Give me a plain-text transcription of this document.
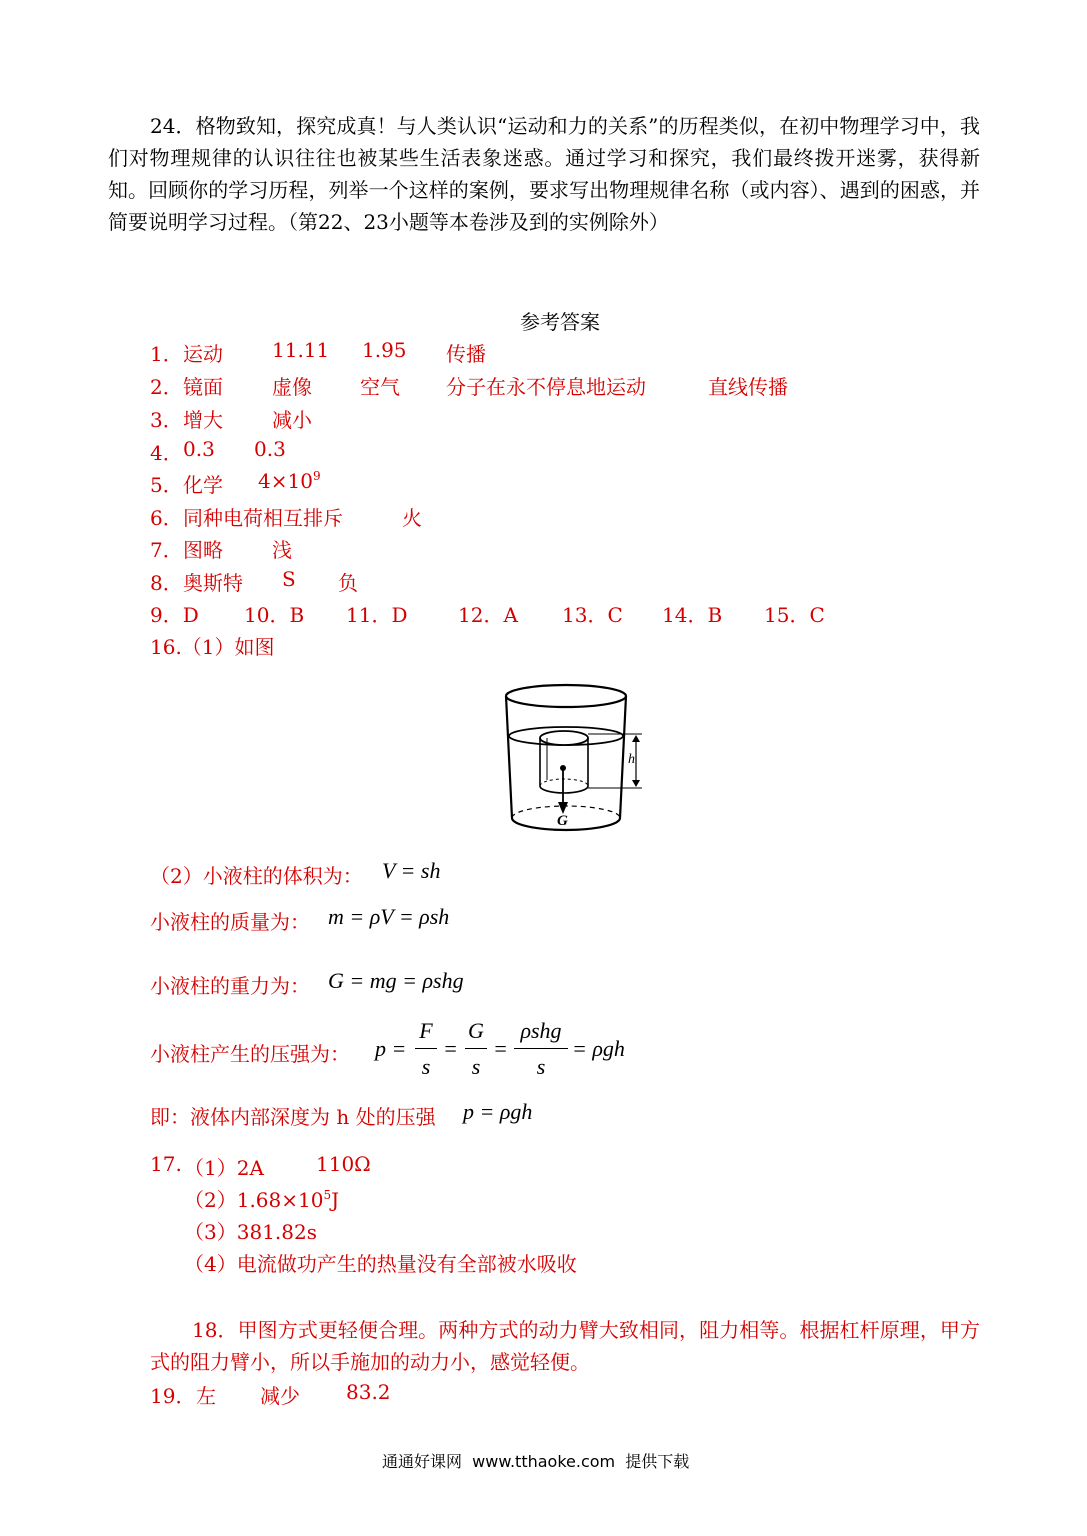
24．格物致知，探究成真！与人类认识“运动和力的关系”的历程类似，在初中物理学习中，我们对物理规律的认识往往也被某些生活表象迷惑。通过学习和探究，我们最终拨开迷雾，获得新知。回顾你的学习历程，列举一个这样的案例，要求写出物理规律名称（或内容）、遇到的困惑，并简要说明学习过程。（第22、23小题等本卷涉及到的实例除外）
参考答案
1． 运动 11.11 1.95 传播
2． 镜面 虚像 空气 分子在永不停息地运动	直线传播
3． 增大 减小
4． 0.3 0.3
5． 化学 $4\times 10^9$
6． 同种电荷相互排斥	火
7． 图略 浅
8． 奥斯特 S 负
9．D 10．B 11．D	12．A 13．C 14．B 15．C
16.（1）如图
h
G
（2）小液柱的体积为： V = sh
小液柱的质量为： m = ρV = ρsh
小液柱的重力为： G = mg = ρshg
小液柱产生的压强为： p =
F
s
=
G
s
=
ρshg
s
= ρgh
即：液体内部深度为 h 处的压强 p = ρgh
17. （1）2A	110Ω
$(2)1.68\times 10^5J$
（3）381.82s
（4）电流做功产生的热量没有全部被水吸收
18．甲图方式更轻便合理。两种方式的动力臂大致相同，阻力相等。根据杠杆原理，甲方式的阻力臂小，所以手施加的动力小，感觉轻便。
19． 左 减少 83.2
通通好课网  www.tthaoke.com  提供下载
